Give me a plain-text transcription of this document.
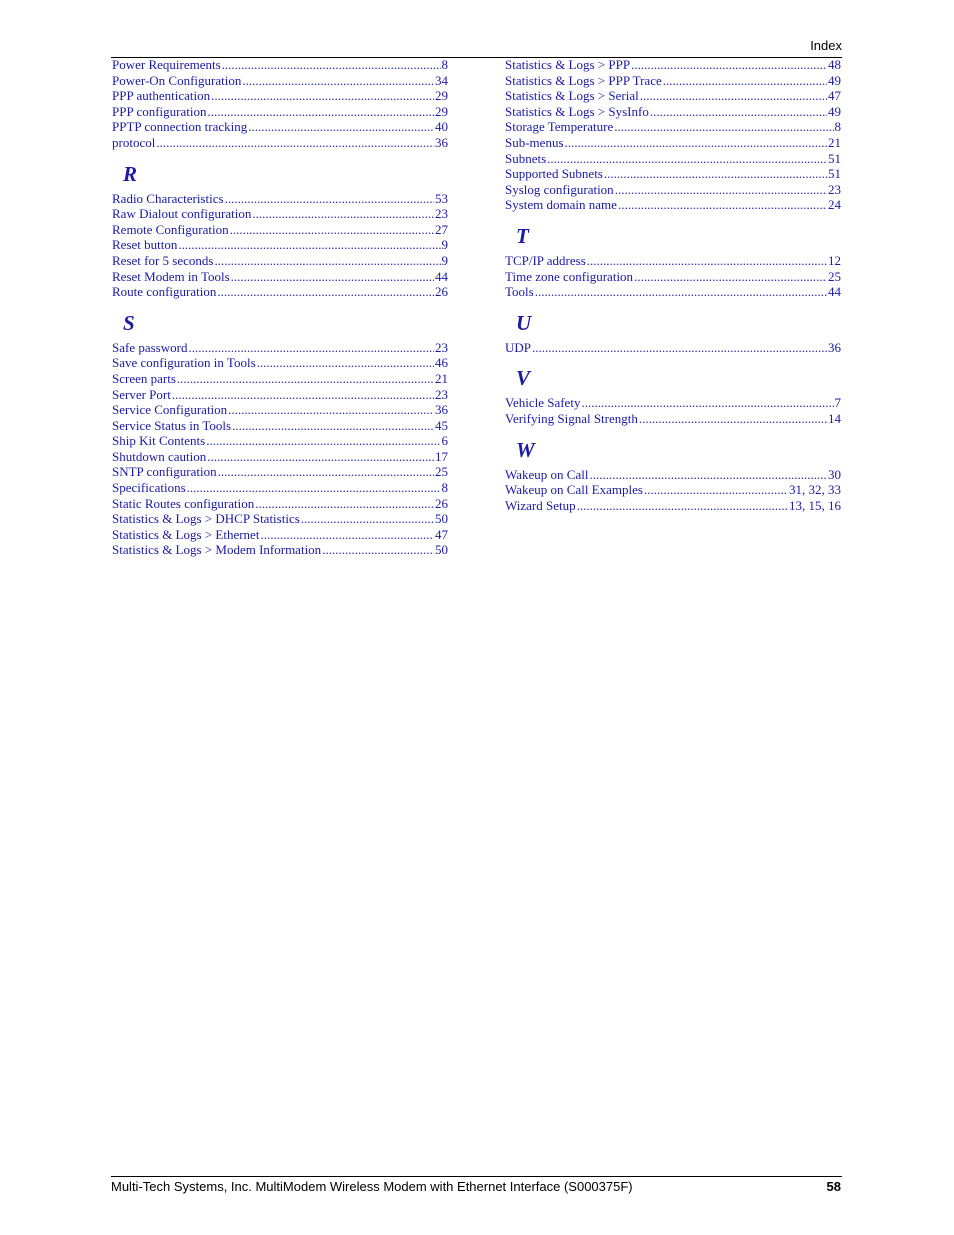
Index
Power Requirements .....	8
Power-On Configuration .....	34
PPP authentication .....	29
PPP configuration .....	29
PPTP connection tracking .....	40
protocol .....	36
R
Radio Characteristics .....	53
Raw Dialout configuration .....	23
Remote Configuration .....	27
Reset button .....	9
Reset for 5 seconds .....	9
Reset Modem in Tools .....	44
Route configuration .....	26
S
Safe password .....	23
Save configuration in Tools .....	46
Screen parts .....	21
Server Port .....	23
Service Configuration .....	36
Service Status in Tools .....	45
Ship Kit Contents .....	6
Shutdown caution .....	17
SNTP configuration .....	25
Specifications .....	8
Static Routes configuration .....	26
Statistics & Logs > DHCP Statistics .....	50
Statistics & Logs > Ethernet .....	47
Statistics & Logs > Modem Information .....	50
Statistics & Logs > PPP .....	48
Statistics & Logs > PPP Trace .....	49
Statistics & Logs > Serial .....	47
Statistics & Logs > SysInfo .....	49
Storage Temperature .....	8
Sub-menus .....	21
Subnets .....	51
Supported Subnets .....	51
Syslog configuration .....	23
System domain name .....	24
T
TCP/IP address .....	12
Time zone configuration .....	25
Tools .....	44
U
UDP .....	36
V
Vehicle Safety .....	7
Verifying Signal Strength .....	14
W
Wakeup on Call .....	30
Wakeup on Call Examples .....	31, 32, 33
Wizard Setup .....	13, 15, 16
Multi-Tech Systems, Inc. MultiModem Wireless Modem with Ethernet Interface (S000375F)	58
